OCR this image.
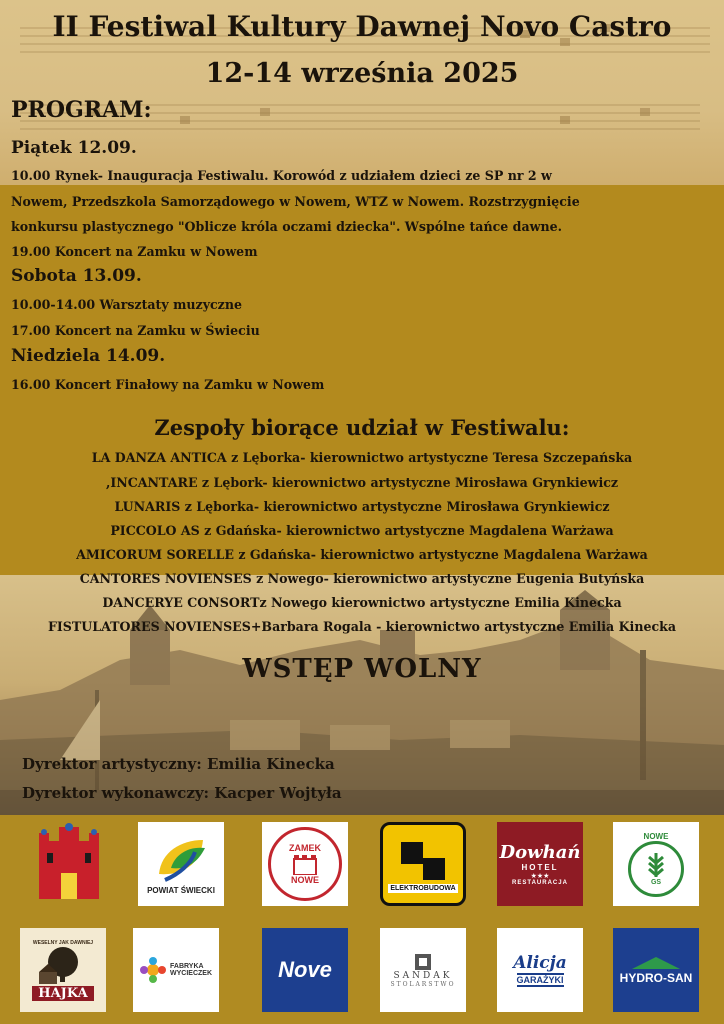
II Festiwal Kultury Dawnej Novo Castro
12-14 września 2025
PROGRAM:
Piątek 12.09.
10.00 Rynek- Inauguracja Festiwalu. Korowód z udziałem dzieci ze SP nr 2 w
Nowem, Przedszkola Samorządowego w Nowem, WTZ w Nowem. Rozstrzygnięcie
konkursu plastycznego "Oblicze króla oczami dziecka". Wspólne tańce dawne.
19.00 Koncert na Zamku w Nowem
Sobota 13.09.
10.00-14.00 Warsztaty muzyczne
17.00 Koncert na Zamku w Świeciu
Niedziela 14.09.
16.00 Koncert Finałowy na Zamku w Nowem
Zespoły biorące udział w Festiwalu:
LA DANZA ANTICA z Lęborka- kierownictwo artystyczne Teresa Szczepańska
,INCANTARE z Lębork- kierownictwo artystyczne Mirosława Grynkiewicz
LUNARIS z Lęborka- kierownictwo artystyczne Mirosława Grynkiewicz
PICCOLO AS z Gdańska- kierownictwo artystyczne Magdalena Warżawa
AMICORUM SORELLE z Gdańska- kierownictwo artystyczne Magdalena Warżawa
CANTORES NOVIENSES z Nowego- kierownictwo artystyczne Eugenia Butyńska
DANCERYE CONSORTz Nowego kierownictwo artystyczne Emilia Kinecka
FISTULATORES NOVIENSES+Barbara Rogala - kierownictwo artystyczne Emilia Kinecka
WSTĘP WOLNY
Dyrektor artystyczny: Emilia Kinecka
Dyrektor wykonawczy: Kacper Wojtyła
POWIAT ŚWIECKI
ZAMEK
NOWE
ELEKTROBUDOWA
Dowhań
HOTEL
★★★
RESTAURACJA
NOWE
GS
WESELNY JAK DAWNIEJ
HAJKA
FABRYKA
WYCIECZEK	Nove	SANDAK
STOLARSTWO
Alicja
GARAŻYKI	HYDRO-SAN
